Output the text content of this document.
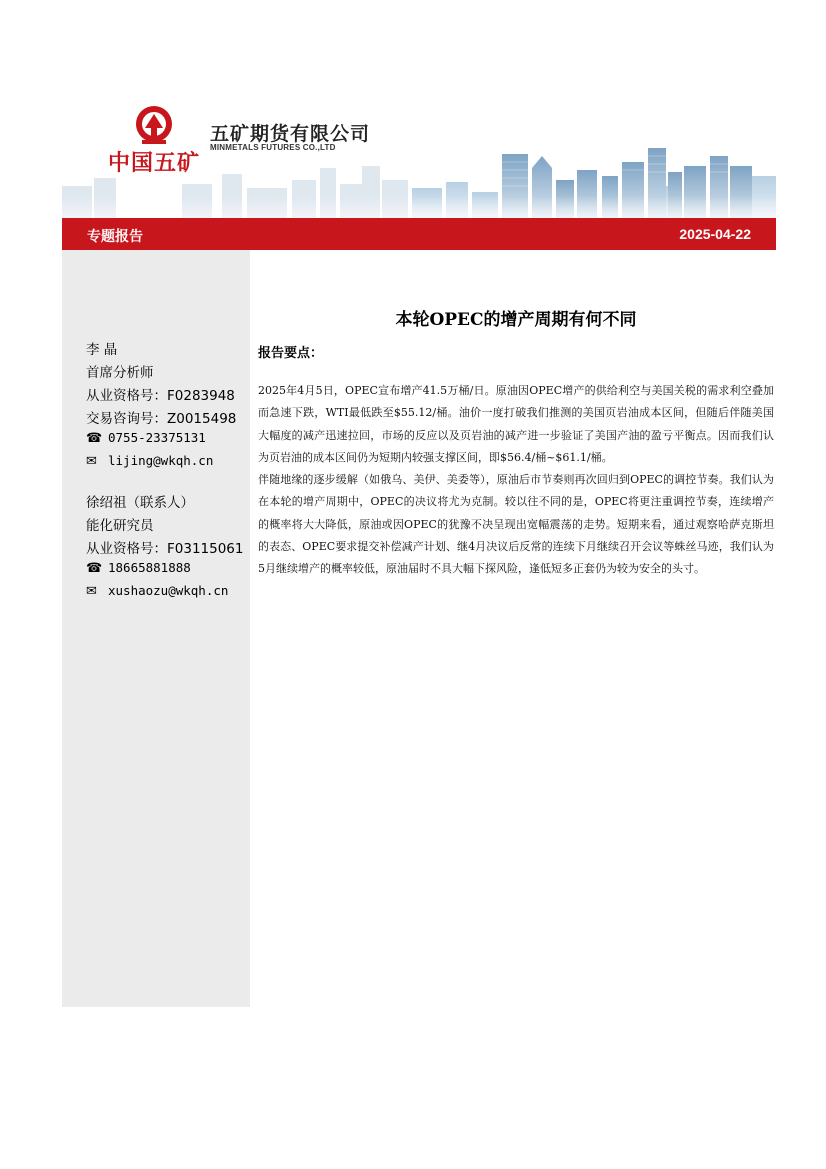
中国五矿
五矿期货有限公司
MINMETALS FUTURES CO.,LTD
专题报告	2025-04-22
李 晶
首席分析师
从业资格号：F0283948
交易咨询号：Z0015498
☎ 0755-23375131
✉ lijing@wkqh.cn
徐绍祖（联系人）
能化研究员
从业资格号：F03115061
☎ 18665881888
✉ xushaozu@wkqh.cn
本轮OPEC的增产周期有何不同
报告要点：

2025年4月5日，OPEC宣布增产41.5万桶/日。原油因OPEC增产的供给利空与美国关税的需求利空叠加而急速下跌，WTI最低跌至$55.12/桶。油价一度打破我们推测的美国页岩油成本区间，但随后伴随美国大幅度的减产迅速拉回，市场的反应以及页岩油的减产进一步验证了美国产油的盈亏平衡点。因而我们认为页岩油的成本区间仍为短期内较强支撑区间，即$56.4/桶~$61.1/桶。

伴随地缘的逐步缓解（如俄乌、美伊、美委等），原油后市节奏则再次回归到OPEC的调控节奏。我们认为在本轮的增产周期中，OPEC的决议将尤为克制。较以往不同的是，OPEC将更注重调控节奏，连续增产的概率将大大降低，原油或因OPEC的犹豫不决呈现出宽幅震荡的走势。短期来看，通过观察哈萨克斯坦的表态、OPEC要求提交补偿减产计划、继4月决议后反常的连续下月继续召开会议等蛛丝马迹，我们认为5月继续增产的概率较低，原油届时不具大幅下探风险，逢低短多正套仍为较为安全的头寸。
